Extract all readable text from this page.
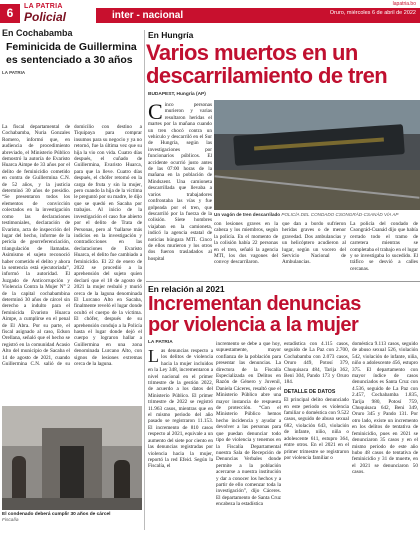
6	LA PATRIA
Policial	inter - nacional
lapatria.bo
Oruro, miércoles 6 de abril de 2022
En Cochabamba
Feminicida de Guillermina es sentenciado a 30 años
LA PATRIA
La fiscal departamental de Cochabamba, Nuria Gonzales Romero, informó que, en audiencia de procedimiento abreviado, el Ministerio Público demostró la autoría de Evaristo Huarca Aimpe de 33 años por el delito de feminicidio cometido en contra de Guillermina C.N. de 52 años, y la justicia determinó 30 años de presidio. “Se presentaron todos los elementos de convicción colectados en la investigación como las declaraciones testimoniales, declaración de Evaristo, acta de inspección del lugar del hecho, informe de la pericia de georreferenciación, triangulación de llamadas. Asimismo el sujeto reconoció haber cometido el delito y ahora la sentencia está ejecutoriada”, informó la autoridad. El Juzgado de Anticorrupción y Violencia Contra la Mujer N° 2 de la capital cochabambina determinó 30 años de cárcel sin derecho a indulto para el feminicida Evaristo Huarca Aimpe, a cumplirse en el penal de El Abra. Por su parte, el fiscal asignado al caso, Edson Orellana, señaló que el hecho se registró en la comunidad Acasio Alto del municipio de Sacaba el 14 de agosto de 2021, cuando Guillermina C.N. salió de su domicilio con destino a Tiquipaya para comprar insumos para su negocio y ya no retornó, fue la última vez que su hija la vio con vida. Cuatro días después, el cuñado de Guillermina, Evaristo Huarca, para que la lleve. Cuatro días después, el chófer retornó en la carga de fruta y sin la mujer, pero cuando la hija de la víctima le preguntó por su madre, le dijo que se quedó en Sacaba por trabajos. Al inicio de la investigación el caso fue abierto por el delito de Trata de Personas, pero al ‘hallarse más indicios en la investigación y contradicciones en las declaraciones de Evaristo Huarca, el delito fue cambiado a feminicidio. El 22 de enero de 2022 se procedió a la aprehensión del sujeto quien declaró que el 18 de agosto de 2021 la mujer resbaló y murió cerca de la laguna denominada El Lurcano Alto en Sacaba, finalmente reveló el lugar donde ocultó el cuerpo de la víctima. El chófer, después de su aprehensión condujo a la Policía hasta el lugar donde dejó el cuerpo y lograron hallar a Guillermina en una zona denominada Lurcano Alto, con signos de lesiones extremas cerca de la laguna.
El condenado deberá cumplir 30 años de cárcel
Fiscalía
En Hungría
Varios muertos en un
descarrilamiento de tren
BUDAPEST, Hungría (AP)
C inco personas murieron y varias resultaron heridas el martes por la mañana cuando un tren chocó contra un vehículo y descarriló en el Sur de Hungría, según las investigaciones por funcionarios públicos. El accidente ocurrió justo antes de las 07:00 horas de la mañana en la población de Mindszent. Una camioneta descarrillada que llevaba a varios trabajadores confrontaba las vías y fue golpeada por el tren, que descarriló por la fuerza de la colisión. Siete hombres viajaban en la camioneta, indicó la agencia estatal de noticias húngara MTI. Cinco de ellos murieron y los otros dos fueron trasladados al hospital
Un vagón de tren descarrilado POLICÍA DEL CONDADO CSONGRÁD-CSANÁD VÍA AP
con lesiones graves en la cabeza y los miembros, según la policía. En el momento de la colisión había 22 personas en el tren, señaló la agencia MTI, los dos vagones del convoy descarrilaron.
que dan a bordo sufrieron heridas graves o de menor gravedad. Dos ambulancias y un helicóptero acudieron al lugar, según un vocero del Servicio Nacional de Ambulancias.
La policía del condado de Csongrád-Csanád dijo que había cerrado todo el tramo de carretera mientras se completaba el trabajo en el lugar y se investigaba lo sucedido. El tráfico se desvió a calles cercanas.
En relación al 2021
Incrementan denuncias
por violencia a la mujer
LA PATRIA
L as denuncias respecto a los delitos de violencia hacia la mujer incluidos en la Ley 348, incrementaron a nivel nacional en el primer trimestre de la gestión 2022, de acuerdo a los datos del Ministerio Público. El primer trimestre de 2022 se registró 11.963 casos, mientras que en el mismo periodo del año pasado se registraron 11.153. El incremento de 810 casos respecto al 2021, equivale a un aumento del siete por ciento en las denuncias registradas por violencia hacia la mujer, reportó la red Efeid. Según la Fiscalía, el
incremento se debe a que hoy, supuestamente, mayor confianza de la población para presentar las denuncias. La directora de la Fiscalía Especializada en Delitos en Razón de Género y Juvenil, Daniela Cáceres, resaltó que el Ministerio Público abre una mayor instancia de respuesta de protección. “Con el Ministerio Público hemos hecho incidencia y ayudar a devolver a las personas para que puedan denunciar todo tipo de violencia y tenemos en la Fiscalía Departamental nuestra Sala de Recepción de Denuncias Verbales donde permite a la población acercarse a nuestra institución y dar a conocer los hechos y a partir de ello comenzar toda la investigación”, dijo Cáceres. El departamento de Santa Cruz encabeza la estadística
estadística con 4.115 casos, seguido de La Paz con 2.700, Cochabamba con 2.073 casos, Oruro 449, Potosí 379, Chuquisaca 484, Tarija 362, Beni 304, Pando 173 y Oruro 184.
DETALLE DE DATOS
El principal delito denunciado en este periodo es violencia familiar o doméstica con 9.522 casos, seguido de abuso sexual 682, violación 643, violación de infante, niño, niña o adolescente 611, estupro 364, entre otros. En el 2021 en el primer trimestre se registraron por violencia familiar o
doméstica 9.113 casos, seguido de abuso sexual 526, violación 542, violación de infante, niña, niño o adolescente 456, estupro 375. El departamento con mayor índice de casos denunciados es Santa Cruz con 4.536, seguido de La Paz con 2.457, Cochabamba 1.835, Tarija 980, Potosí 759, Chuquisaca 642, Beni 349, Oruro 345 y Pando 131. Por otro lado, existe un incremento en los delitos de tentativa de feminicidio, pues en 2021 se denunciaron 35 casos y en el mismo periodo de este año hubo 48 casos de tentativa de feminicidio y 31 de muerte, en el 2021 se denunciaron 50 casos.
